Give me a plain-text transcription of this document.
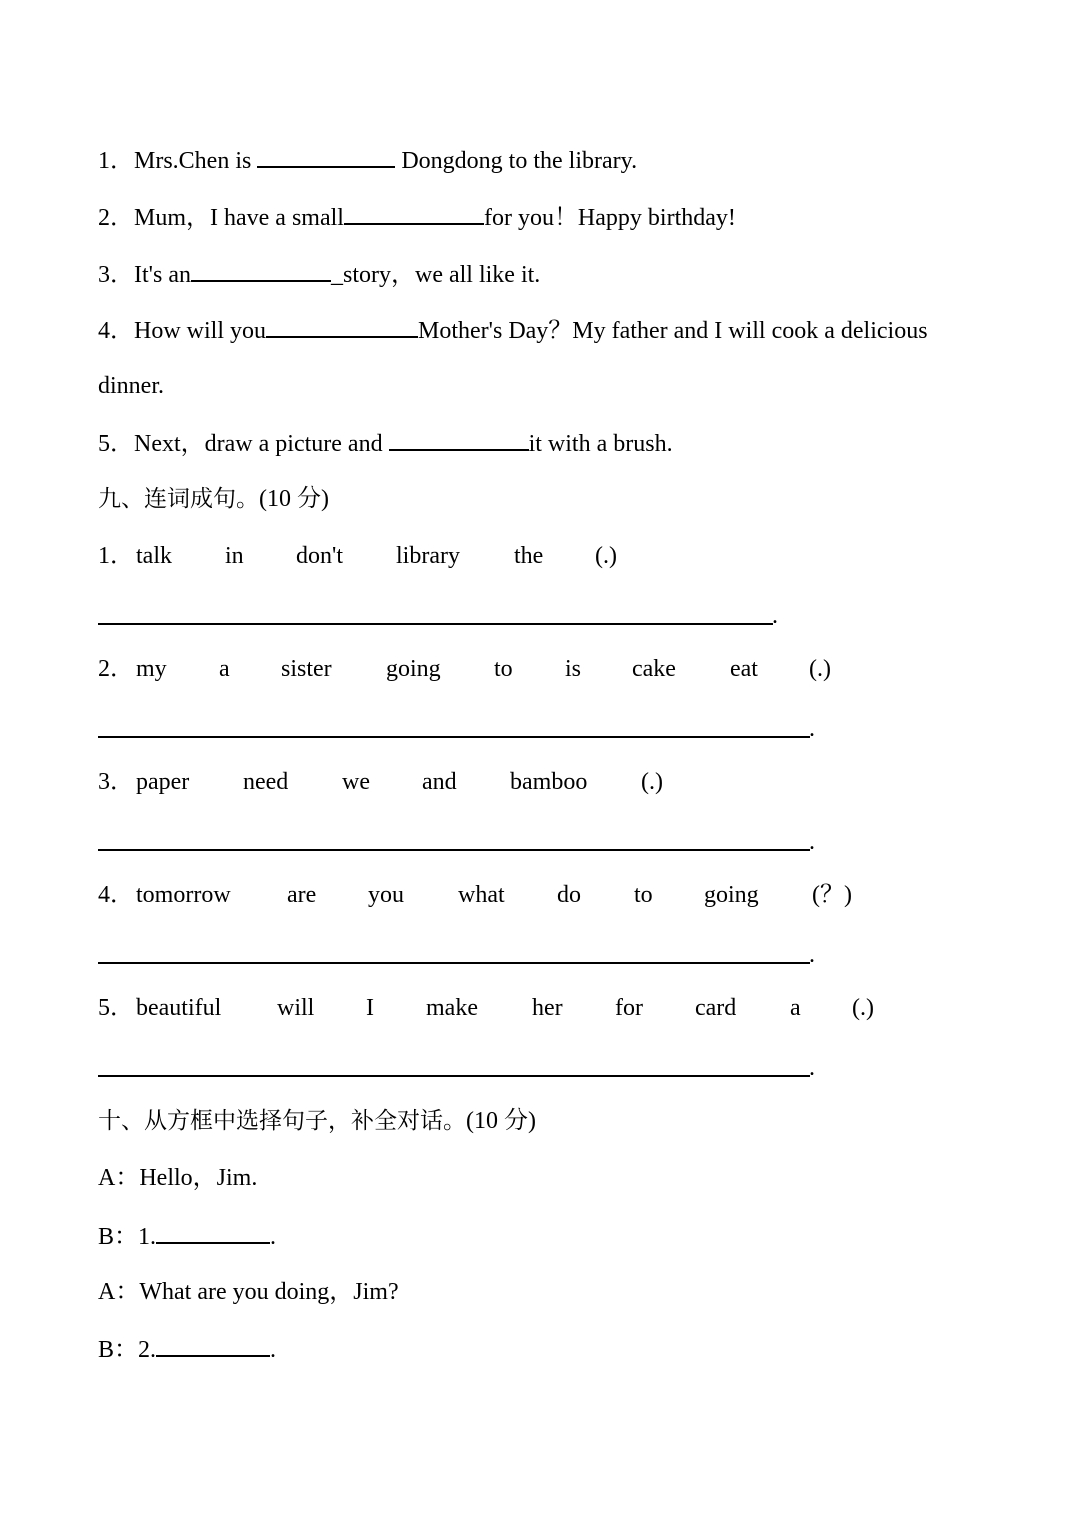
1．Mrs.Chen is	Dongdong to the library.
2．Mum，I have a small	for you！Happy birthday!
3．It's an	_story，we all like it.
4．How will you	Mother's Day？My father and I will cook a delicious
dinner.
5．Next，draw a picture and	it with a brush.
九、连词成句。(10 分)
1． talk in don't library the (.)
.
2． my a sister going to is cake eat (.)
.
3． paper need we and bamboo (.)
.
4． tomorrow are you what do to going (？)
.
5． beautiful will I make her for card a (.)
.
十、从方框中选择句子，补全对话。(10 分)
A：Hello，Jim.
B：1.	.
A：What are you doing，Jim?
B：2.	.
